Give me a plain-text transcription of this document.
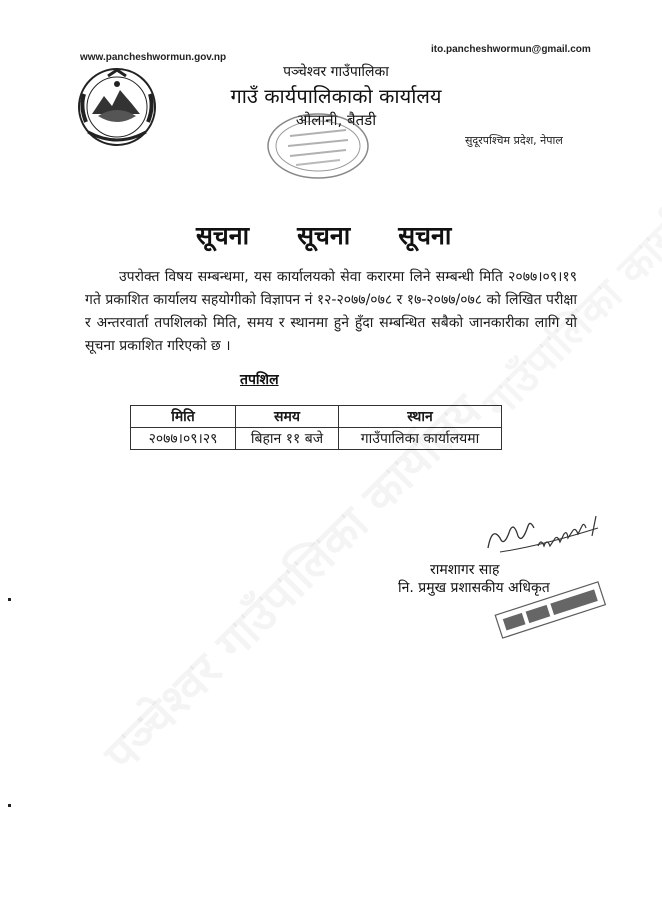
www.pancheshwormun.gov.np
ito.pancheshwormun@gmail.com
पञ्चेश्वर गाउँपालिका
गाउँ कार्यपालिकाको कार्यालय
ओलानी, बैतडी
सुदूरपश्चिम प्रदेश, नेपाल
सूचना सूचना सूचना
उपरोक्त विषय सम्बन्धमा, यस कार्यालयको सेवा करारमा लिने सम्बन्धी मिति २०७७।०९।१९ गते प्रकाशित कार्यालय सहयोगीको विज्ञापन नं १२-२०७७/०७८ र १७-२०७७/०७८ को लिखित परीक्षा र अन्तरवार्ता तपशिलको मिति, समय र स्थानमा हुने हुँदा सम्बन्धित सबैको जानकारीका लागि यो सूचना प्रकाशित गरिएको छ ।
तपशिल
मिति	समय	स्थान
२०७७।०९।२९	बिहान ११ बजे	गाउँपालिका कार्यालयमा
रामशागर साह
नि. प्रमुख प्रशासकीय अधिकृत
